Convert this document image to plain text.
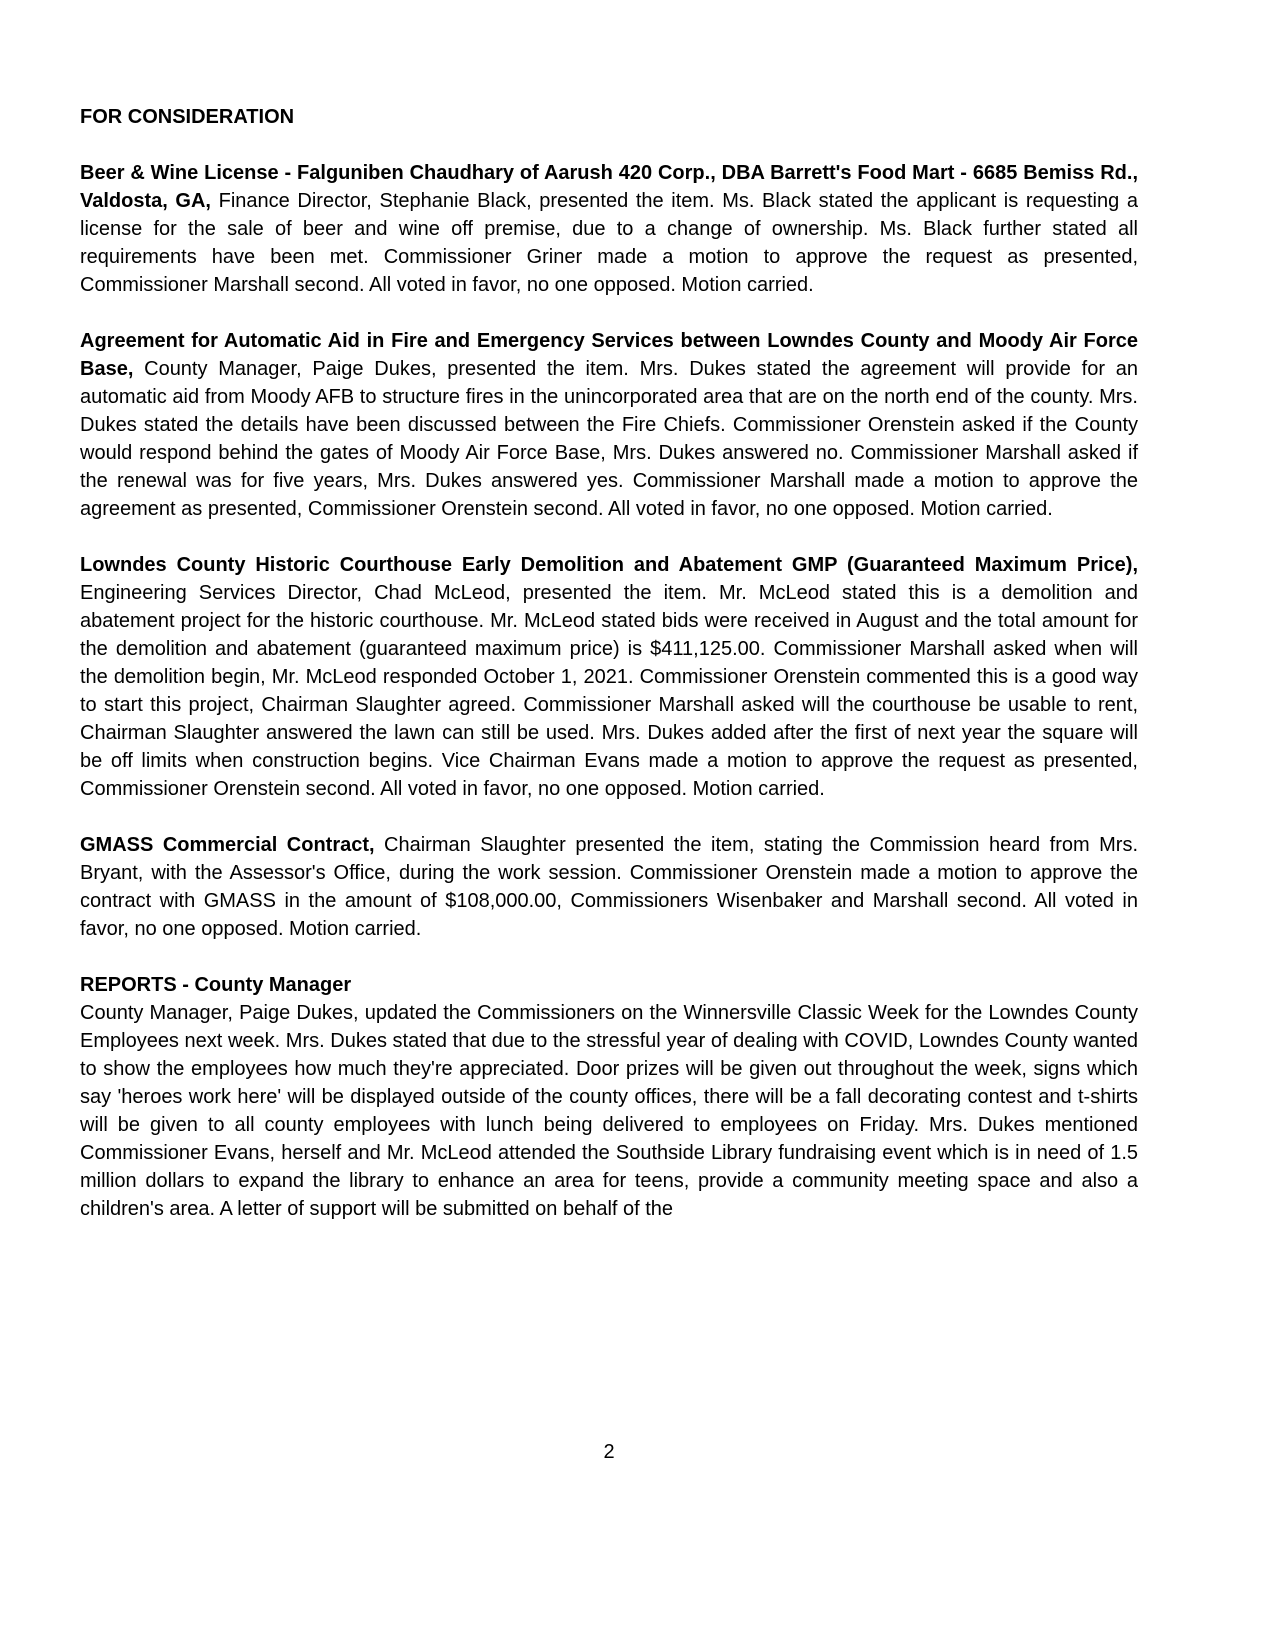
FOR CONSIDERATION

Beer & Wine License - Falguniben Chaudhary of Aarush 420 Corp., DBA Barrett's Food Mart - 6685 Bemiss Rd., Valdosta, GA, Finance Director, Stephanie Black, presented the item. Ms. Black stated the applicant is requesting a license for the sale of beer and wine off premise, due to a change of ownership. Ms. Black further stated all requirements have been met. Commissioner Griner made a motion to approve the request as presented, Commissioner Marshall second. All voted in favor, no one opposed. Motion carried.

Agreement for Automatic Aid in Fire and Emergency Services between Lowndes County and Moody Air Force Base, County Manager, Paige Dukes, presented the item. Mrs. Dukes stated the agreement will provide for an automatic aid from Moody AFB to structure fires in the unincorporated area that are on the north end of the county. Mrs. Dukes stated the details have been discussed between the Fire Chiefs. Commissioner Orenstein asked if the County would respond behind the gates of Moody Air Force Base, Mrs. Dukes answered no. Commissioner Marshall asked if the renewal was for five years, Mrs. Dukes answered yes. Commissioner Marshall made a motion to approve the agreement as presented, Commissioner Orenstein second. All voted in favor, no one opposed. Motion carried.

Lowndes County Historic Courthouse Early Demolition and Abatement GMP (Guaranteed Maximum Price), Engineering Services Director, Chad McLeod, presented the item. Mr. McLeod stated this is a demolition and abatement project for the historic courthouse. Mr. McLeod stated bids were received in August and the total amount for the demolition and abatement (guaranteed maximum price) is $411,125.00. Commissioner Marshall asked when will the demolition begin, Mr. McLeod responded October 1, 2021. Commissioner Orenstein commented this is a good way to start this project, Chairman Slaughter agreed. Commissioner Marshall asked will the courthouse be usable to rent, Chairman Slaughter answered the lawn can still be used. Mrs. Dukes added after the first of next year the square will be off limits when construction begins. Vice Chairman Evans made a motion to approve the request as presented, Commissioner Orenstein second. All voted in favor, no one opposed. Motion carried.

GMASS Commercial Contract, Chairman Slaughter presented the item, stating the Commission heard from Mrs. Bryant, with the Assessor's Office, during the work session. Commissioner Orenstein made a motion to approve the contract with GMASS in the amount of $108,000.00, Commissioners Wisenbaker and Marshall second. All voted in favor, no one opposed. Motion carried.

REPORTS - County Manager

County Manager, Paige Dukes, updated the Commissioners on the Winnersville Classic Week for the Lowndes County Employees next week. Mrs. Dukes stated that due to the stressful year of dealing with COVID, Lowndes County wanted to show the employees how much they're appreciated. Door prizes will be given out throughout the week, signs which say 'heroes work here' will be displayed outside of the county offices, there will be a fall decorating contest and t-shirts will be given to all county employees with lunch being delivered to employees on Friday. Mrs. Dukes mentioned Commissioner Evans, herself and Mr. McLeod attended the Southside Library fundraising event which is in need of 1.5 million dollars to expand the library to enhance an area for teens, provide a community meeting space and also a children's area. A letter of support will be submitted on behalf of the

2
